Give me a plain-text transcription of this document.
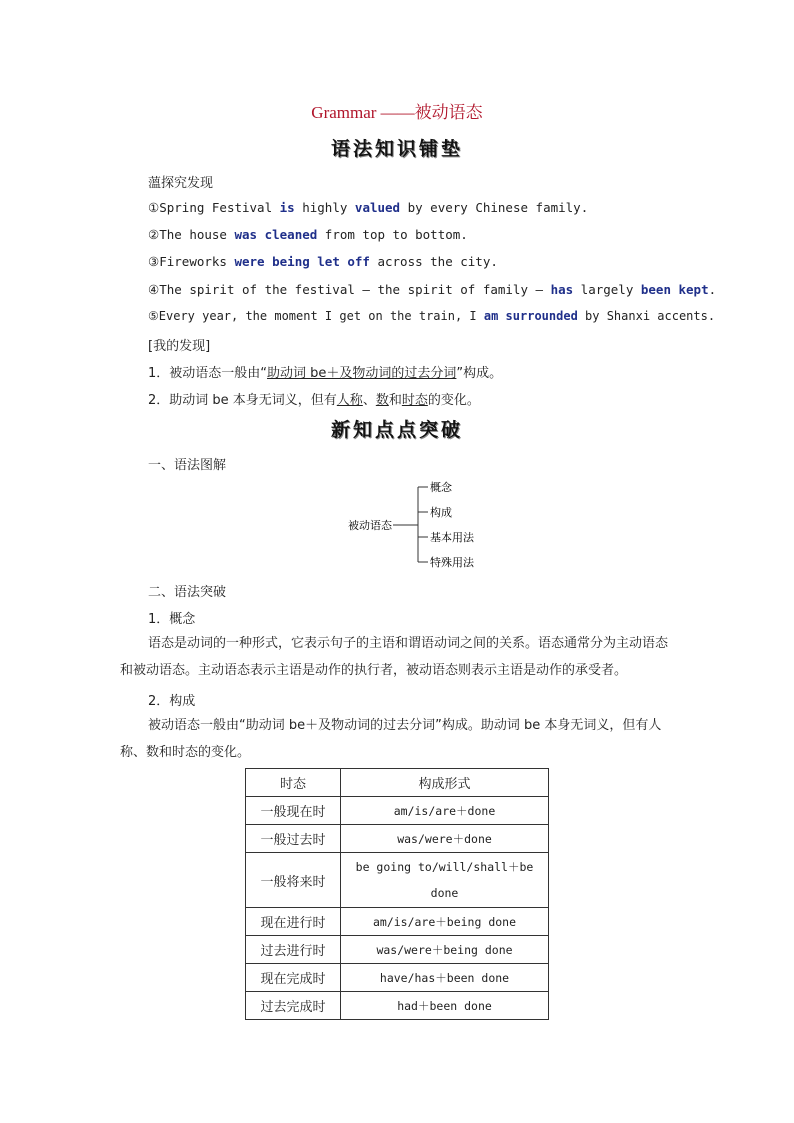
Grammar ——被动语态
语法知识铺垫
薀探究发现
①Spring Festival is highly valued by every Chinese family.
②The house was cleaned from top to bottom.
③Fireworks were being let off across the city.
④The spirit of the festival — the spirit of family — has largely been kept.
⑤Every year, the moment I get on the train, I am surrounded by Shanxi accents.
[我的发现]
1．被动语态一般由“助动词 be＋及物动词的过去分词”构成。
2．助动词 be 本身无词义，但有人称、数和时态的变化。
新知点点突破
一、语法图解
被动语态
概念
构成
基本用法
特殊用法
二、语法突破
1．概念
语态是动词的一种形式，它表示句子的主语和谓语动词之间的关系。语态通常分为主动语态和被动语态。主动语态表示主语是动作的执行者，被动语态则表示主语是动作的承受者。
2．构成
被动语态一般由“助动词 be＋及物动词的过去分词”构成。助动词 be 本身无词义，但有人称、数和时态的变化。
时态	构成形式
一般现在时	am/is/are＋done
一般过去时	was/were＋done
一般将来时	be going to/will/shall＋be done
现在进行时	am/is/are＋being done
过去进行时	was/were＋being done
现在完成时	have/has＋been done
过去完成时	had＋been done
